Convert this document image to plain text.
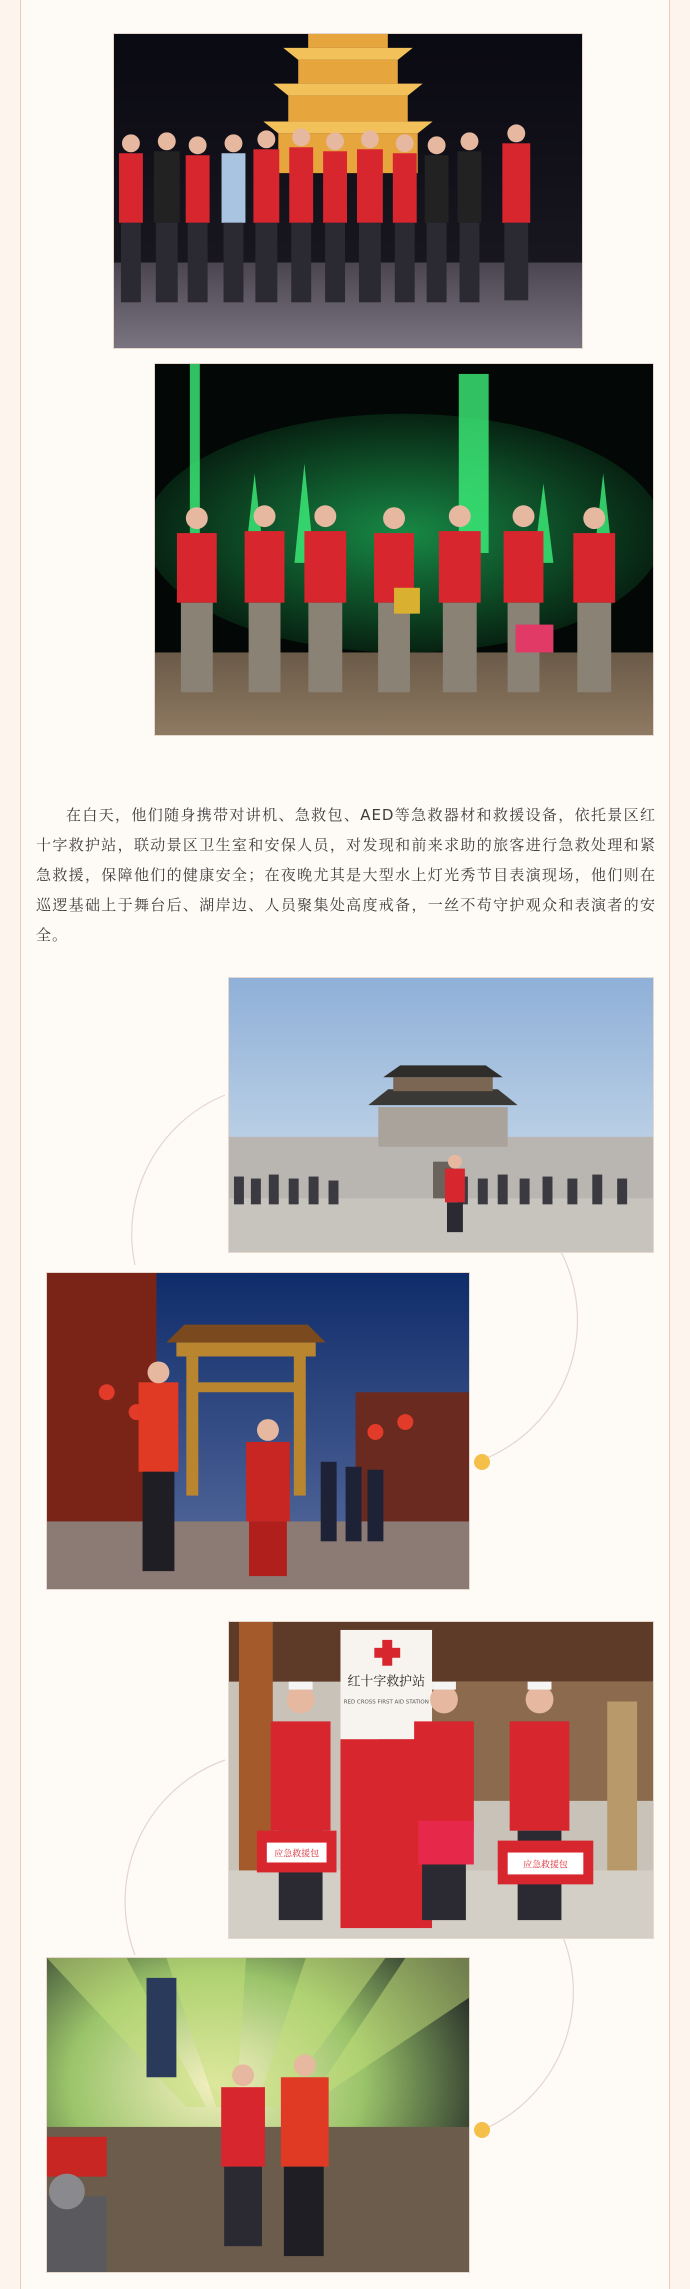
在白天，他们随身携带对讲机、急救包、AED等急救器材和救援设备，依托景区红十字救护站，联动景区卫生室和安保人员，对发现和前来求助的旅客进行急救处理和紧急救援，保障他们的健康安全；在夜晚尤其是大型水上灯光秀节目表演现场，他们则在巡逻基础上于舞台后、湖岸边、人员聚集处高度戒备，一丝不苟守护观众和表演者的安全。

红十字救护站
RED CROSS FIRST AID STATION
应急救援包
应急救援包
